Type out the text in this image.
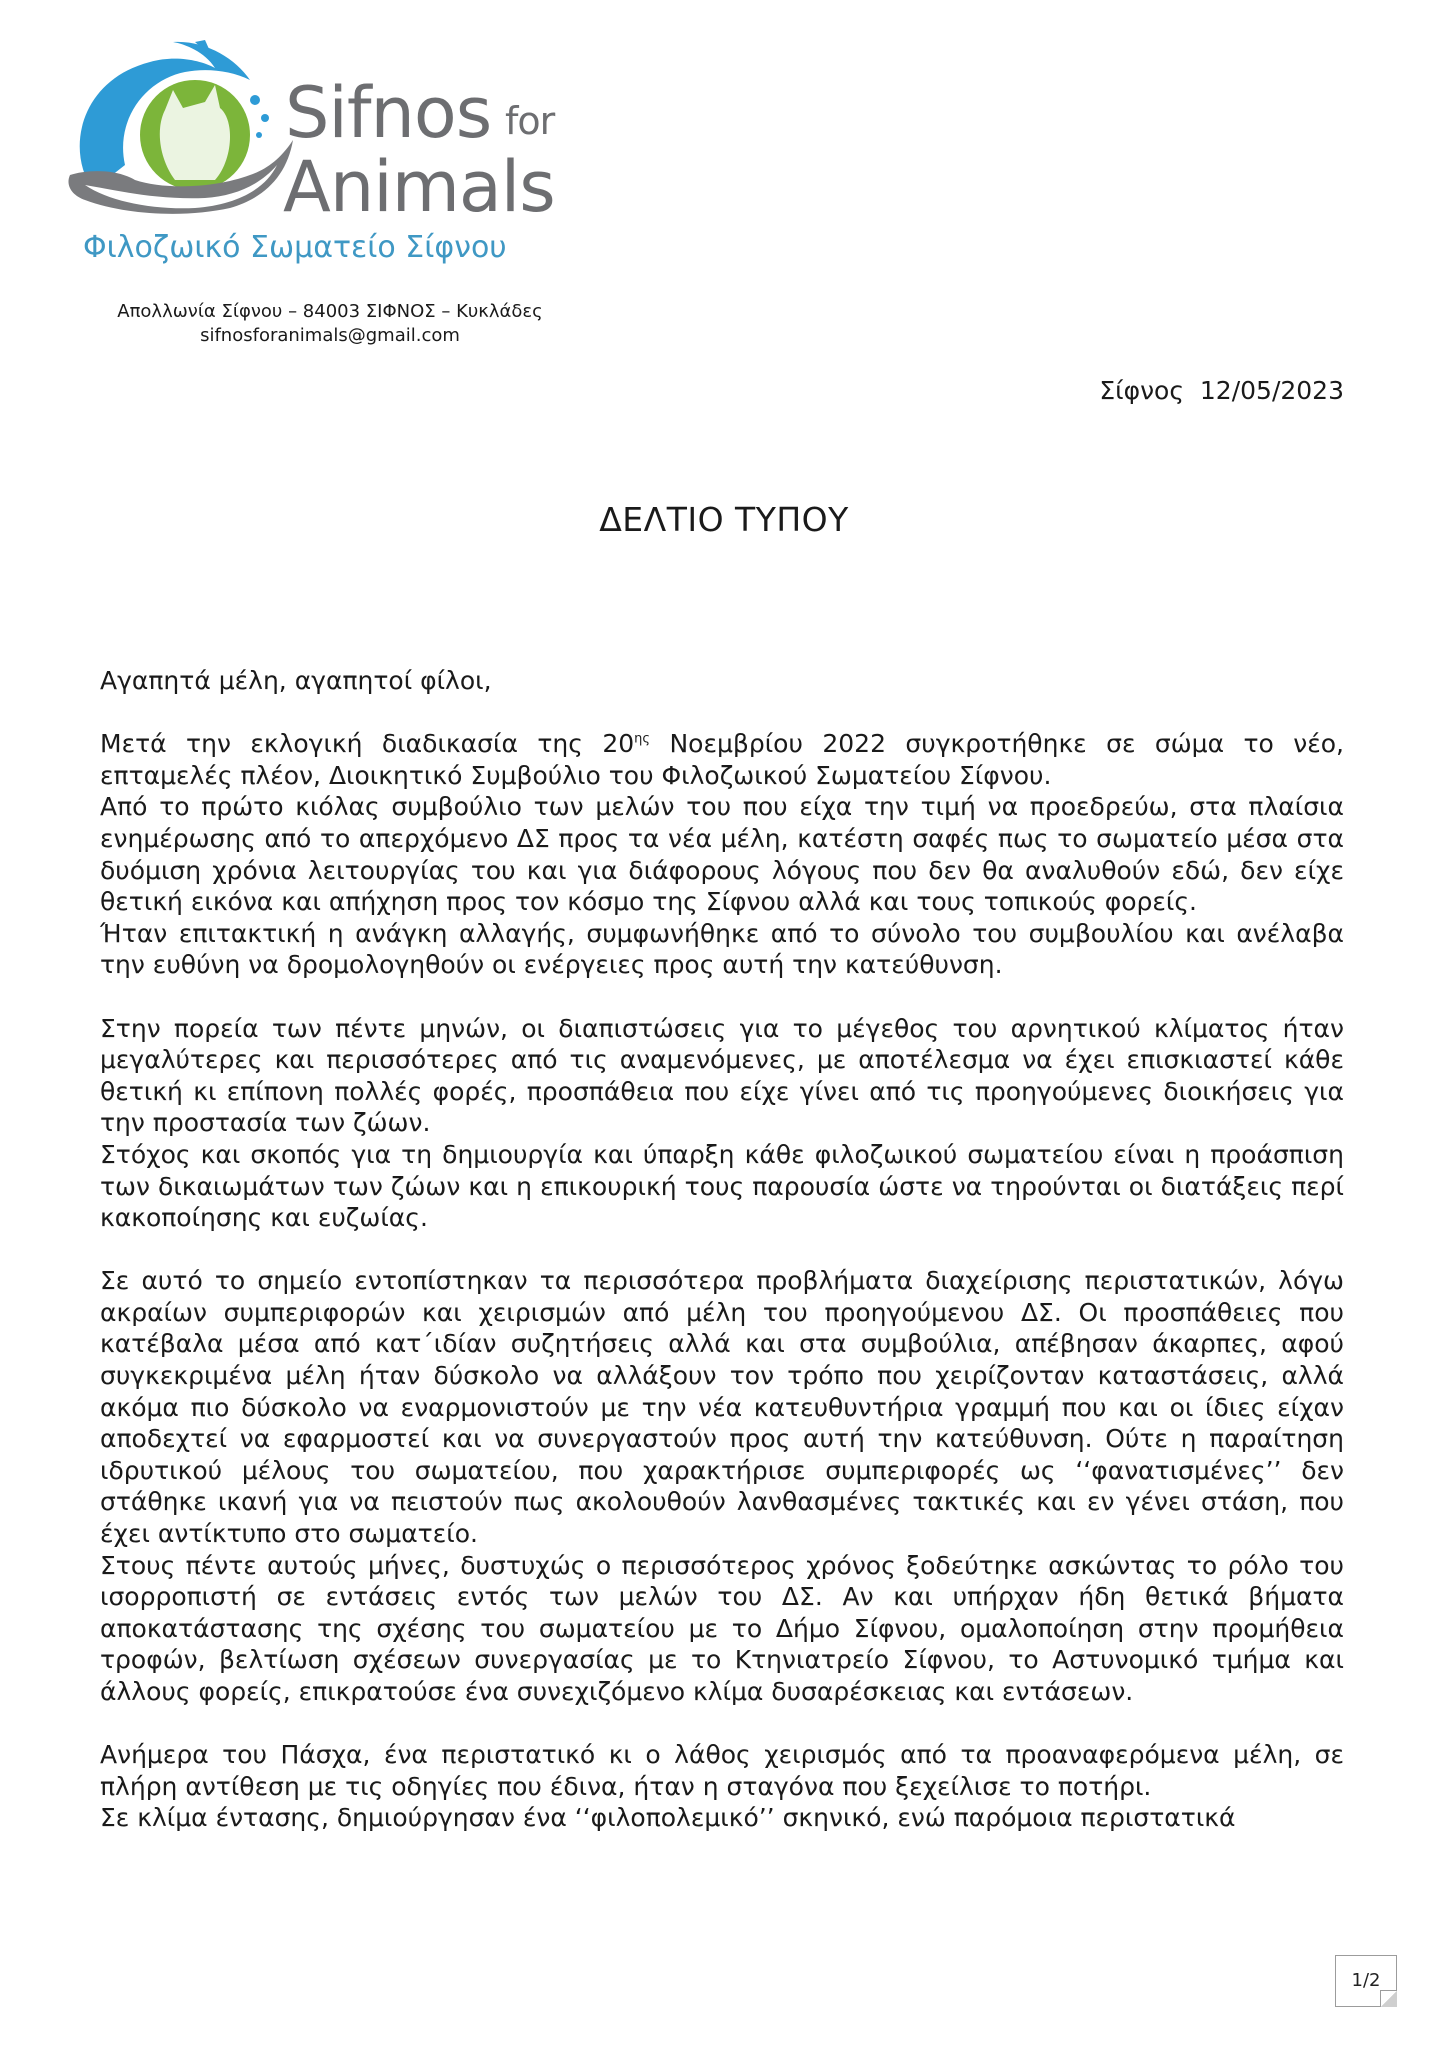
Sifnos for
Animals
Φιλοζωικό Σωματείο Σίφνου
Απολλωνία Σίφνου – 84003 ΣΙΦΝΟΣ – Κυκλάδες
sifnosforanimals@gmail.com
Σίφνος  12/05/2023
ΔΕΛΤΙΟ ΤΥΠΟΥ

Αγαπητά μέλη, αγαπητοί φίλοι,

Μετά την εκλογική διαδικασία της $20^{\eta\varsigma}$ Νοεμβρίου 2022 συγκροτήθηκε σε σώμα το νέο, επταμελές πλέον, Διοικητικό Συμβούλιο του Φιλοζωικού Σωματείου Σίφνου.

Από το πρώτο κιόλας συμβούλιο των μελών του που είχα την τιμή να προεδρεύω, στα πλαίσια ενημέρωσης από το απερχόμενο ΔΣ προς τα νέα μέλη, κατέστη σαφές πως το σωματείο μέσα στα δυόμιση χρόνια λειτουργίας του και για διάφορους λόγους που δεν θα αναλυθούν εδώ, δεν είχε θετική εικόνα και απήχηση προς τον κόσμο της Σίφνου αλλά και τους τοπικούς φορείς.

Ήταν επιτακτική η ανάγκη αλλαγής, συμφωνήθηκε από το σύνολο του συμβουλίου και ανέλαβα την ευθύνη να δρομολογηθούν οι ενέργειες προς αυτή την κατεύθυνση.

Στην πορεία των πέντε μηνών, οι διαπιστώσεις για το μέγεθος του αρνητικού κλίματος ήταν μεγαλύτερες και περισσότερες από τις αναμενόμενες, με αποτέλεσμα να έχει επισκιαστεί κάθε θετική κι επίπονη πολλές φορές, προσπάθεια που είχε γίνει από τις προηγούμενες διοικήσεις για την προστασία των ζώων.

Στόχος και σκοπός για τη δημιουργία και ύπαρξη κάθε φιλοζωικού σωματείου είναι η προάσπιση των δικαιωμάτων των ζώων και η επικουρική τους παρουσία ώστε να τηρούνται οι διατάξεις περί κακοποίησης και ευζωίας.

Σε αυτό το σημείο εντοπίστηκαν τα περισσότερα προβλήματα διαχείρισης περιστατικών, λόγω ακραίων συμπεριφορών και χειρισμών από μέλη του προηγούμενου ΔΣ. Οι προσπάθειες που κατέβαλα μέσα από κατ΄ιδίαν συζητήσεις αλλά και στα συμβούλια, απέβησαν άκαρπες, αφού συγκεκριμένα μέλη ήταν δύσκολο να αλλάξουν τον τρόπο που χειρίζονταν καταστάσεις, αλλά ακόμα πιο δύσκολο να εναρμονιστούν με την νέα κατευθυντήρια γραμμή που και οι ίδιες είχαν αποδεχτεί να εφαρμοστεί και να συνεργαστούν προς αυτή την κατεύθυνση. Ούτε η παραίτηση ιδρυτικού μέλους του σωματείου, που χαρακτήρισε συμπεριφορές ως ‘‘φανατισμένες’’ δεν στάθηκε ικανή για να πειστούν πως ακολουθούν λανθασμένες τακτικές και εν γένει στάση, που έχει αντίκτυπο στο σωματείο.

Στους πέντε αυτούς μήνες, δυστυχώς ο περισσότερος χρόνος ξοδεύτηκε ασκώντας το ρόλο του ισορροπιστή σε εντάσεις εντός των μελών του ΔΣ. Αν και υπήρχαν ήδη θετικά βήματα αποκατάστασης της σχέσης του σωματείου με το Δήμο Σίφνου, ομαλοποίηση στην προμήθεια τροφών, βελτίωση σχέσεων συνεργασίας με το Κτηνιατρείο Σίφνου, το Αστυνομικό τμήμα και άλλους φορείς, επικρατούσε ένα συνεχιζόμενο κλίμα δυσαρέσκειας και εντάσεων.

Ανήμερα του Πάσχα, ένα περιστατικό κι ο λάθος χειρισμός από τα προαναφερόμενα μέλη, σε πλήρη αντίθεση με τις οδηγίες που έδινα, ήταν η σταγόνα που ξεχείλισε το ποτήρι.

Σε κλίμα έντασης, δημιούργησαν ένα ‘‘φιλοπολεμικό’’ σκηνικό, ενώ παρόμοια περιστατικά

1/2
